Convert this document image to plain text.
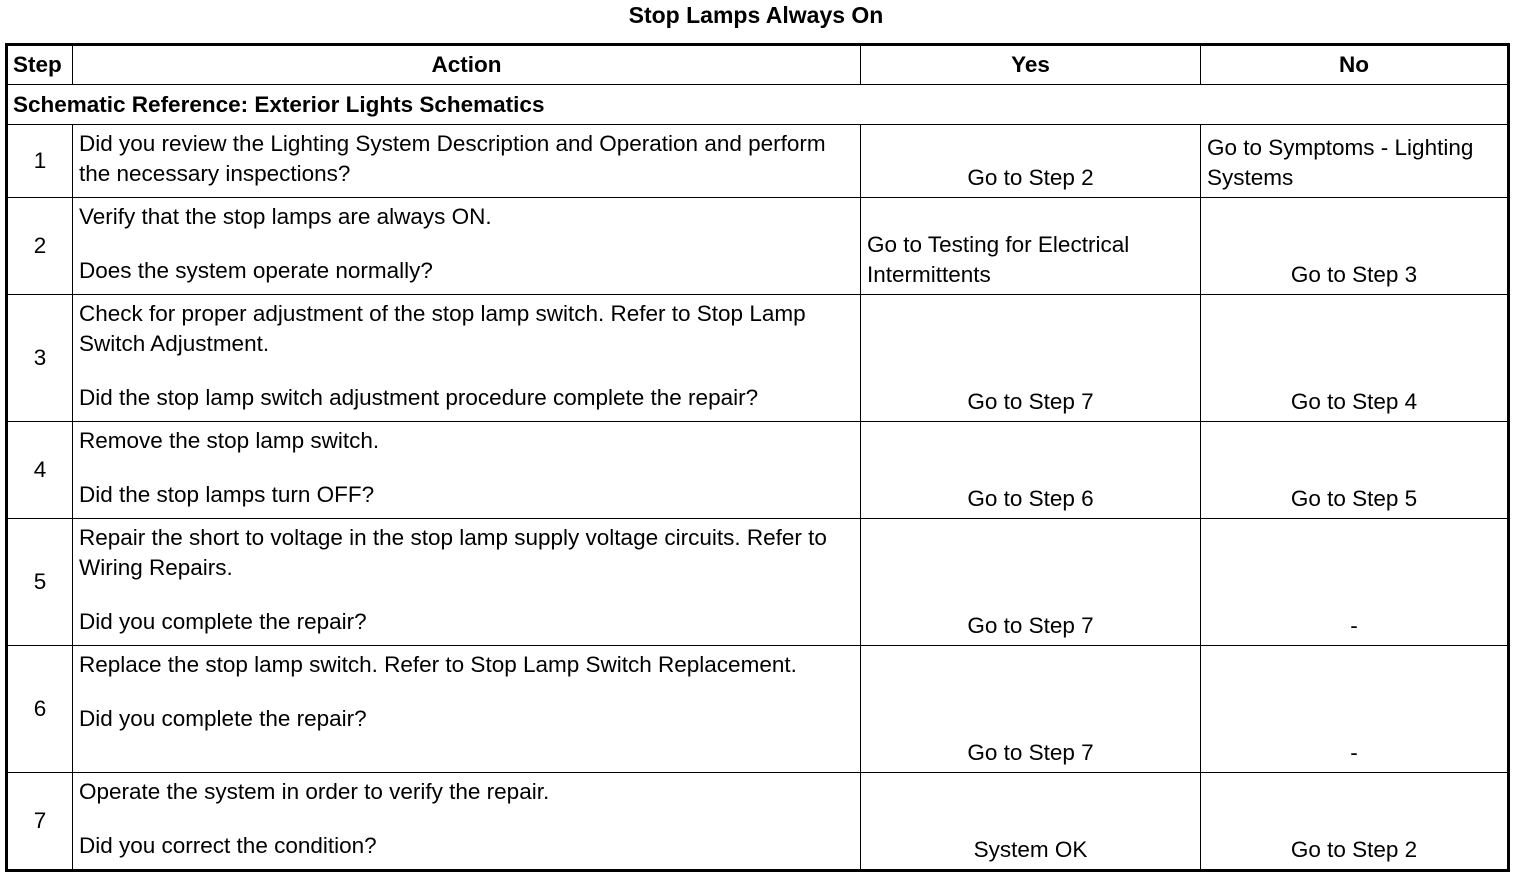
Stop Lamps Always On
Step	Action	Yes	No
Schematic Reference: Exterior Lights Schematics			
1	Did you review the Lighting System Description and Operation and perform the necessary inspections?	Go to Step 2	Go to Symptoms - Lighting Systems
2	Verify that the stop lamps are always ON.
Does the system operate normally?	Go to Testing for Electrical Intermittents	Go to Step 3
3	Check for proper adjustment of the stop lamp switch. Refer to Stop Lamp Switch Adjustment.
Did the stop lamp switch adjustment procedure complete the repair?	Go to Step 7	Go to Step 4
4	Remove the stop lamp switch.
Did the stop lamps turn OFF?	Go to Step 6	Go to Step 5
5	Repair the short to voltage in the stop lamp supply voltage circuits. Refer to Wiring Repairs.
Did you complete the repair?	Go to Step 7	-
6	Replace the stop lamp switch. Refer to Stop Lamp Switch Replacement.
Did you complete the repair?	Go to Step 7	-
7	Operate the system in order to verify the repair.
Did you correct the condition?	System OK	Go to Step 2
